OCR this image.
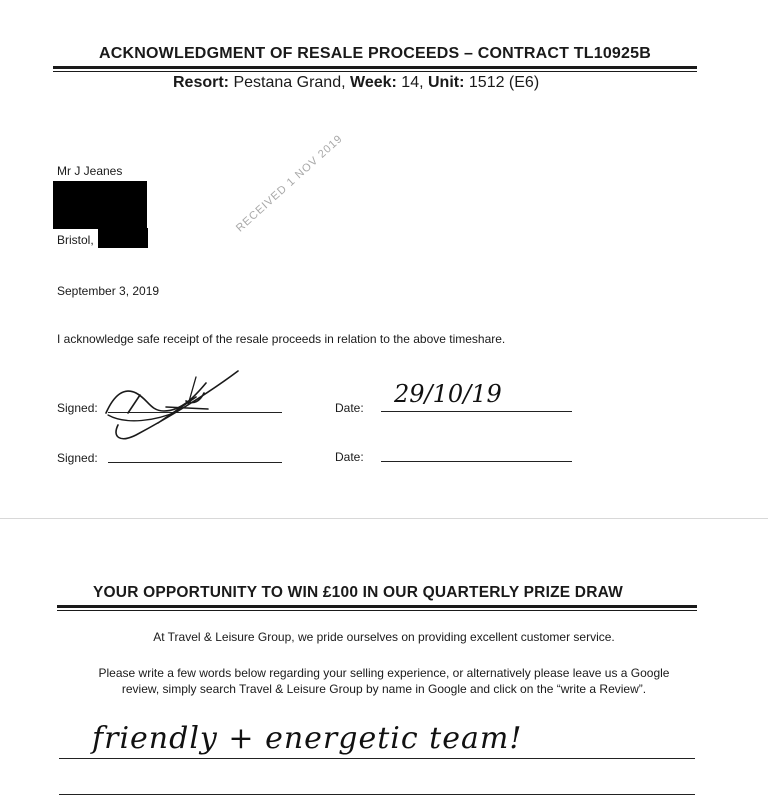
ACKNOWLEDGMENT OF RESALE PROCEEDS – CONTRACT TL10925B
Resort: Pestana Grand, Week: 14, Unit: 1512 (E6)
RECEIVED 1 NOV 2019
Mr J Jeanes
Bristol,
September 3, 2019
I acknowledge safe receipt of the resale proceeds in relation to the above timeshare.
Signed:	Date: 29/10/19
Signed:	Date:
YOUR OPPORTUNITY TO WIN £100 IN OUR QUARTERLY PRIZE DRAW
At Travel & Leisure Group, we pride ourselves on providing excellent customer service.
Please write a few words below regarding your selling experience, or alternatively please leave us a Google
review, simply search Travel & Leisure Group by name in Google and click on the “write a Review”.
friendly + energetic team!
